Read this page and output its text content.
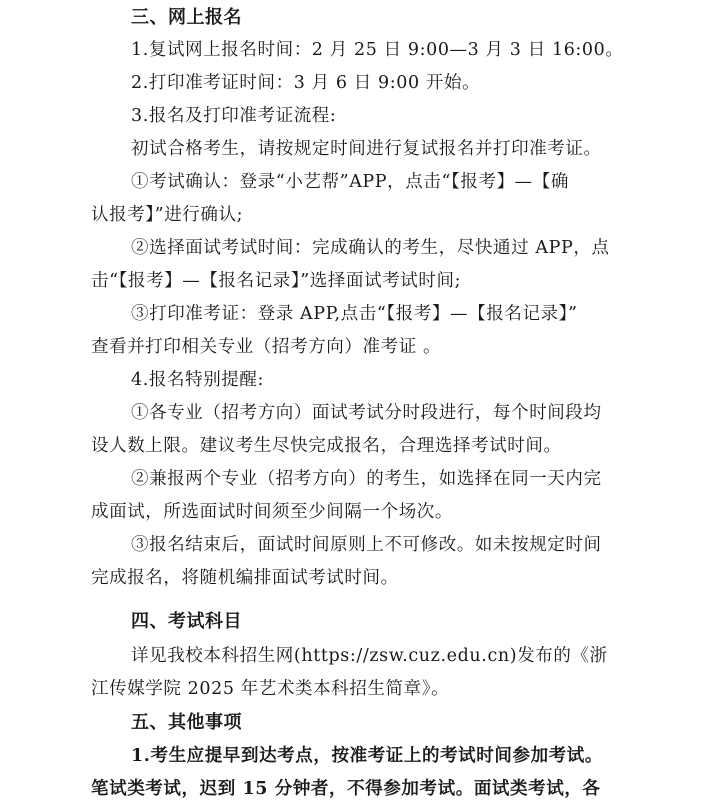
三、网上报名
1.复试网上报名时间：2 月 25 日 9:00—3 月 3 日 16:00。
2.打印准考证时间：3 月 6 日 9:00 开始。
3.报名及打印准考证流程:
初试合格考生，请按规定时间进行复试报名并打印准考证。
①考试确认：登录“小艺帮”APP，点击“【报考】—【确
认报考】”进行确认;
②选择面试考试时间：完成确认的考生，尽快通过 APP，点
击“【报考】—【报名记录】”选择面试考试时间;
③打印准考证：登录 APP,点击“【报考】—【报名记录】”
查看并打印相关专业（招考方向）准考证 。
4.报名特别提醒:
①各专业（招考方向）面试考试分时段进行，每个时间段均
设人数上限。建议考生尽快完成报名，合理选择考试时间。
②兼报两个专业（招考方向）的考生，如选择在同一天内完
成面试，所选面试时间须至少间隔一个场次。
③报名结束后，面试时间原则上不可修改。如未按规定时间
完成报名，将随机编排面试考试时间。
四、考试科目
详见我校本科招生网(https://zsw.cuz.edu.cn)发布的《浙
江传媒学院 2025 年艺术类本科招生简章》。
五、其他事项
1.考生应提早到达考点，按准考证上的考试时间参加考试。
笔试类考试，迟到 15 分钟者，不得参加考试。面试类考试，各
